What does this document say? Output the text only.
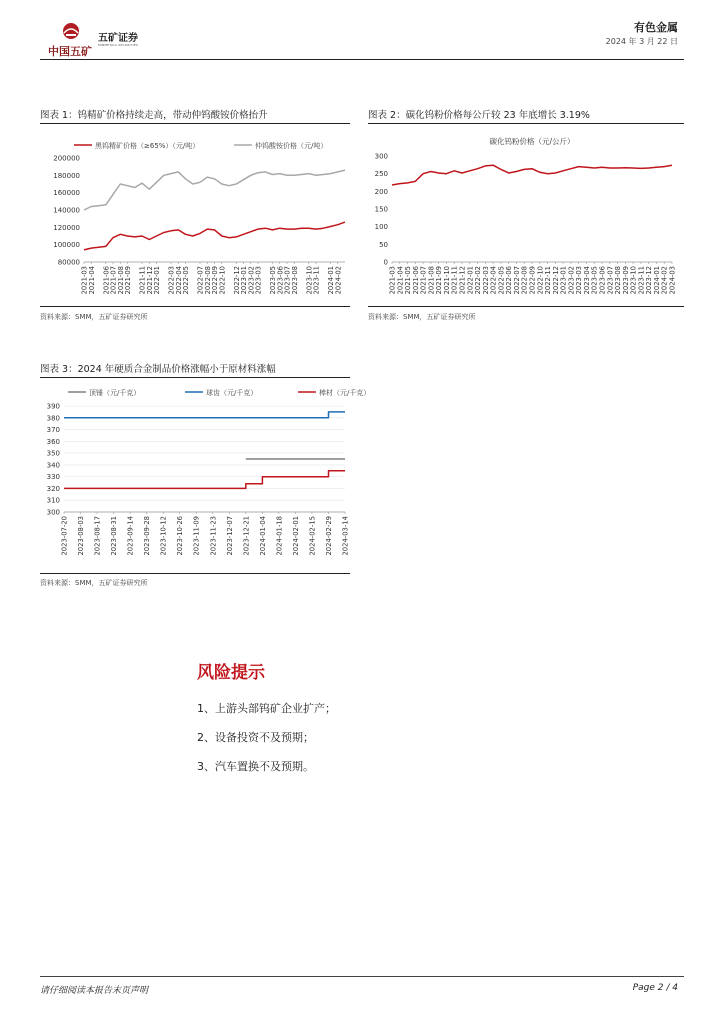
五矿证券
MINMETALS SECURITIES
中国五矿
有色金属
2024 年 3 月 22 日
图表 1：钨精矿价格持续走高，带动仲钨酸铵价格抬升
黑钨精矿价格（≥65%）（元/吨）	仲钨酸铵价格（元/吨）
80000
100000
120000
140000
160000
180000
200000
2021-03 2021-04 2021-06 2021-07 2021-08 2021-09 2021-11 2021-12 2022-01 2022-03 2022-04 2022-05 2022-07 2022-08 2022-09 2022-10 2022-12 2023-01 2023-02 2023-03 2023-05 2023-06 2023-07 2023-08 2023-10 2023-11 2024-01 2024-02
资料来源：SMM，五矿证券研究所
图表 2：碳化钨粉价格每公斤较 23 年底增长 3.19%
碳化钨粉价格（元/公斤）
0
50
100
150
200
250
300
2021-03 2021-04 2021-05 2021-06 2021-07 2021-08 2021-09 2021-10 2021-11 2021-12 2022-01 2022-02 2022-03 2022-04 2022-05 2022-06 2022-07 2022-08 2022-09 2022-10 2022-11 2022-12 2023-01 2023-02 2023-03 2023-04 2023-05 2023-06 2023-07 2023-08 2023-09 2023-10 2023-11 2023-12 2024-01 2024-02 2024-03
资料来源：SMM，五矿证券研究所
图表 3：2024 年硬质合金制品价格涨幅小于原材料涨幅
顶锤（元/千克）	球齿（元/千克）	棒材（元/千克）
300
310
320
330
340
350
360
370
380
390
2023-07-20 2023-08-03 2023-08-17 2023-08-31 2023-09-14 2023-09-28 2023-10-12 2023-10-26 2023-11-09 2023-11-23 2023-12-07 2023-12-21 2024-01-04 2024-01-18 2024-02-01 2024-02-15 2024-02-29 2024-03-14
资料来源：SMM，五矿证券研究所
风险提示
1、上游头部钨矿企业扩产；
2、设备投资不及预期；
3、汽车置换不及预期。
请仔细阅读本报告末页声明	Page 2 / 4
